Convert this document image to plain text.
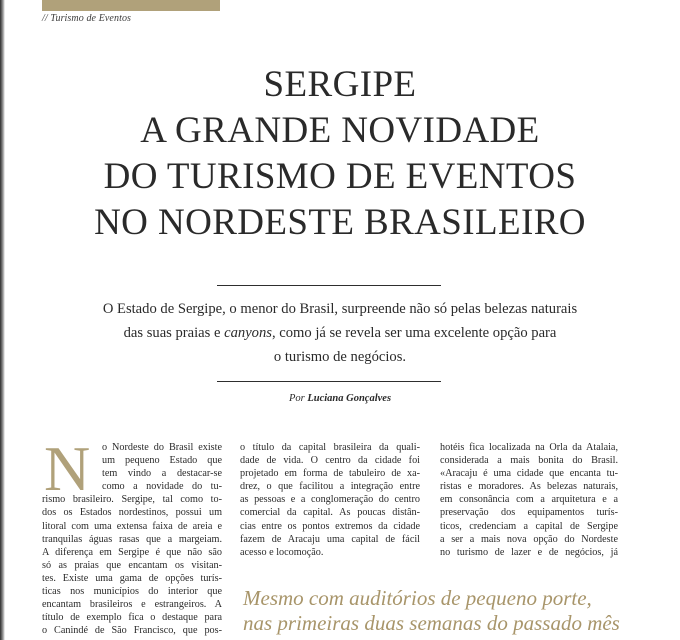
// Turismo de Eventos
SERGIPE
A GRANDE NOVIDADE
DO TURISMO DE EVENTOS
NO NORDESTE BRASILEIRO
O Estado de Sergipe, o menor do Brasil, surpreende não só pelas belezas naturais
das suas praias e canyons, como já se revela ser uma excelente opção para
o turismo de negócios.
Por Luciana Gonçalves
N	o Nordeste do Brasil existe
um pequeno Estado que
tem vindo a destacar-se
como a novidade do tu-
rismo brasileiro. Sergipe, tal como to-
dos os Estados nordestinos, possui um
litoral com uma extensa faixa de areia e
tranquilas águas rasas que a margeiam.
A diferença em Sergipe é que não são
só as praias que encantam os visitan-
tes. Existe uma gama de opções turís-
ticas nos municípios do interior que
encantam brasileiros e estrangeiros. A
título de exemplo fica o destaque para
o Canindé de São Francisco, que pos-
o título da capital brasileira da quali-
dade de vida. O centro da cidade foi
projetado em forma de tabuleiro de xa-
drez, o que facilitou a integração entre
as pessoas e a conglomeração do centro
comercial da capital. As poucas distân-
cias entre os pontos extremos da cidade
fazem de Aracaju uma capital de fácil
acesso e locomoção.
hotéis fica localizada na Orla da Atalaia,
considerada a mais bonita do Brasil.
«Aracaju é uma cidade que encanta tu-
ristas e moradores. As belezas naturais,
em consonância com a arquitetura e a
preservação dos equipamentos turís-
ticos, credenciam a capital de Sergipe
a ser a mais nova opção do Nordeste
no turismo de lazer e de negócios, já
Mesmo com auditórios de pequeno porte,
nas primeiras duas semanas do passado mês
